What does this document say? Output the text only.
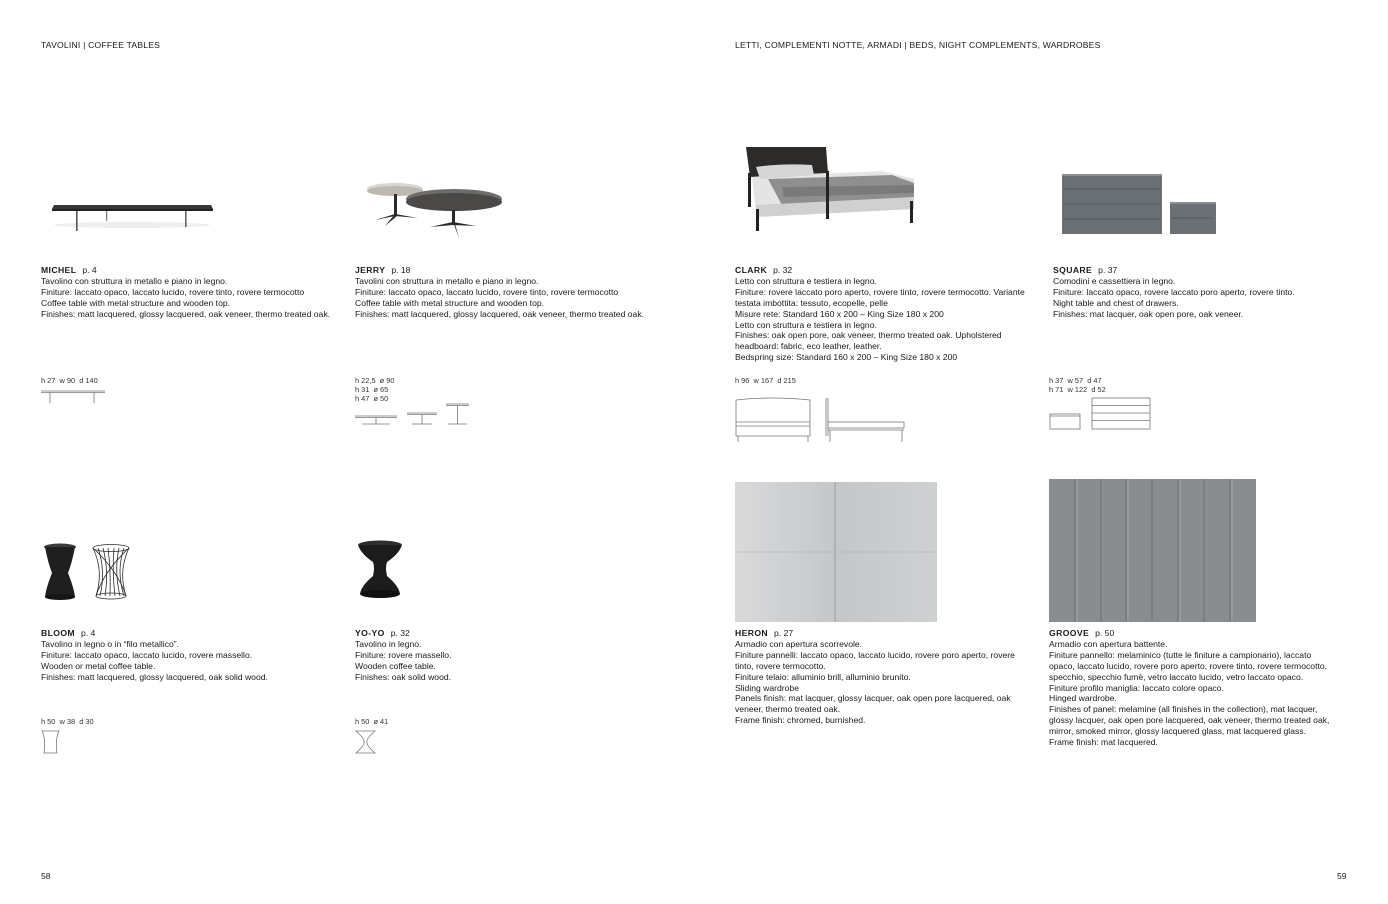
TAVOLINI | COFFEE TABLES	LETTI, COMPLEMENTI NOTTE, ARMADI | BEDS, NIGHT COMPLEMENTS, WARDROBES
MICHEL p. 4
Tavolino con struttura in metallo e piano in legno.
Finiture: laccato opaco, laccato lucido, rovere tinto, rovere termocotto
Coffee table with metal structure and wooden top.
Finishes: matt lacquered, glossy lacquered, oak veneer, thermo treated oak.
JERRY p. 18
Tavolini con struttura in metallo e piano in legno.
Finiture: laccato opaco, laccato lucido, rovere tinto, rovere termocotto
Coffee table with metal structure and wooden top.
Finishes: matt lacquered, glossy lacquered, oak veneer, thermo treated oak.
CLARK p. 32
Letto con struttura e testiera in legno.
Finiture: rovere laccato poro aperto, rovere tinto, rovere termocotto. Variante
testata imbottita: tessuto, ecopelle, pelle
Misure rete: Standard 160 x 200 – King Size 180 x 200
Letto con struttura e testiera in legno.
Finishes: oak open pore, oak veneer, thermo treated oak. Upholstered
headboard: fabric, eco leather, leather.
Bedspring size: Standard 160 x 200 – King Size 180 x 200
SQUARE p. 37
Comodini e cassettiera in legno.
Finiture: laccato opaco, rovere laccato poro aperto, rovere tinto.
Night table and chest of drawers.
Finishes: mat lacquer, oak open pore, oak veneer.
BLOOM p. 4
Tavolino in legno o in “filo metallico”.
Finiture: laccato opaco, laccato lucido, rovere massello.
Wooden or metal coffee table.
Finishes: matt lacquered, glossy lacquered, oak solid wood.
YO-YO p. 32
Tavolino in legno.
Finiture: rovere massello.
Wooden coffee table.
Finishes: oak solid wood.
HERON p. 27
Armadio con apertura scorrevole.
Finiture pannelli: laccato opaco, laccato lucido, rovere poro aperto, rovere
tinto, rovere termocotto.
Finiture telaio: alluminio brill, alluminio brunito.
Sliding wardrobe
Panels finish: mat lacquer, glossy lacquer, oak open pore lacquered, oak
veneer, thermo treated oak.
Frame finish: chromed, burnished.
GROOVE p. 50
Armadio con apertura battente.
Finiture pannello: melaminico (tutte le finiture a campionario), laccato
opaco, laccato lucido, rovere poro aperto, rovere tinto, rovere termocotto,
specchio, specchio fumè, vetro laccato lucido, vetro laccato opaco.
Finiture profilo maniglia: laccato colore opaco.
Hinged wardrobe.
Finishes of panel: melamine (all finishes in the collection), mat lacquer,
glossy lacquer, oak open pore lacquered, oak veneer, thermo treated oak,
mirror, smoked mirror, glossy lacquered glass, mat lacquered glass.
Frame finish: mat lacquered.
h 27  w 90  d 140	h 22,5  ø 90
h 31  ø 65
h 47  ø 50
h 96  w 167  d 215	h 37  w 57  d 47
h 71  w 122  d 52
h 50  w 38  d 30	h 50  ø 41
58	59
